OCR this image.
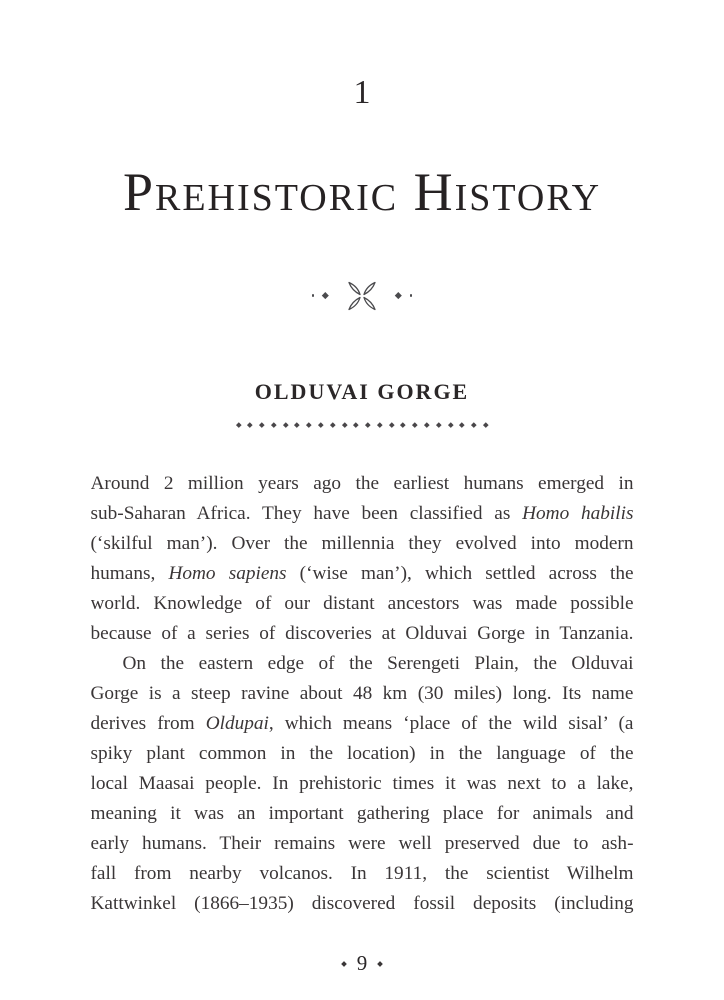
1
Prehistoric History
OLDUVAI GORGE
Around 2 million years ago the earliest humans emerged in
sub-Saharan Africa. They have been classified as Homo habilis
(‘skilful man’). Over the millennia they evolved into modern
humans, Homo sapiens (‘wise man’), which settled across the
world. Knowledge of our distant ancestors was made possible
because of a series of discoveries at Olduvai Gorge in Tanzania.
On the eastern edge of the Serengeti Plain, the Olduvai
Gorge is a steep ravine about 48 km (30 miles) long. Its name
derives from Oldupai, which means ‘place of the wild sisal’ (a
spiky plant common in the location) in the language of the
local Maasai people. In prehistoric times it was next to a lake,
meaning it was an important gathering place for animals and
early humans. Their remains were well preserved due to ash-
fall from nearby volcanos. In 1911, the scientist Wilhelm
Kattwinkel (1866–1935) discovered fossil deposits (including
9
